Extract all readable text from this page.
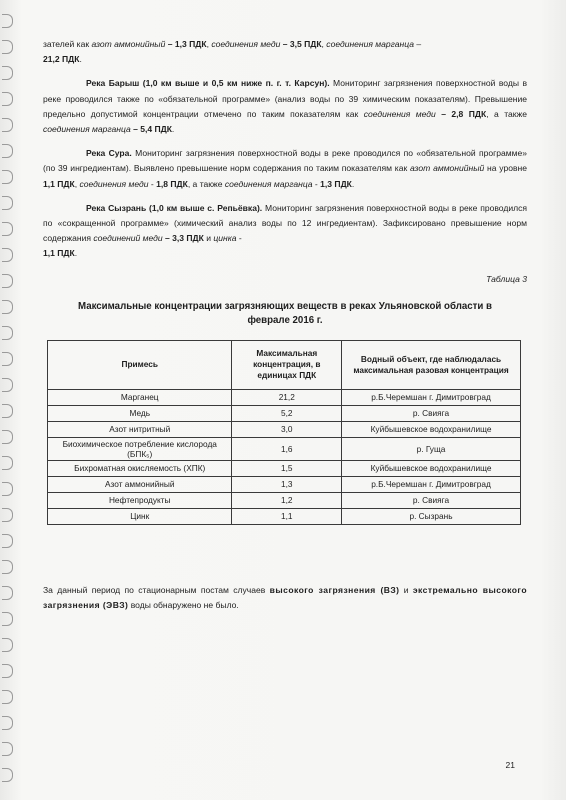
зателей как азот аммонийный – 1,3 ПДК, соединения меди – 3,5 ПДК, соединения марганца –
21,2 ПДК.

Река Барыш (1,0 км выше и 0,5 км ниже п. г. т. Карсун). Мониторинг загрязнения поверхностной воды в реке проводился также по «обязательной программе» (анализ воды по 39 химическим показателям). Превышение предельно допустимой концентрации отмечено по таким показателям как соединения меди – 2,8 ПДК, а также соединения марганца – 5,4 ПДК.

Река Сура. Мониторинг загрязнения поверхностной воды в реке проводился по «обязательной программе» (по 39 ингредиентам). Выявлено превышение норм содержания по таким показателям как азот аммонийный на уровне 1,1 ПДК, соединения меди - 1,8 ПДК, а также соединения марганца - 1,3 ПДК.

Река Сызрань (1,0 км выше с. Репьёвка). Мониторинг загрязнения поверхностной воды в реке проводился по «сокращенной программе» (химический анализ воды по 12 ингредиентам). Зафиксировано превышение норм содержания соединений меди – 3,3 ПДК и цинка -
1,1 ПДК.

Таблица 3
Максимальные концентрации загрязняющих веществ в реках Ульяновской области в феврале 2016 г.
Примесь	Максимальная концентрация, в единицах ПДК	Водный объект, где наблюдалась максимальная разовая концентрация
Марганец	21,2	р.Б.Черемшан г. Димитровград
Медь	5,2	р. Свияга
Азот нитритный	3,0	Куйбышевское водохранилище
Биохимическое потребление кислорода (БПК₅)	1,6	р. Гуща
Бихроматная окисляемость (ХПК)	1,5	Куйбышевское водохранилище
Азот аммонийный	1,3	р.Б.Черемшан г. Димитровград
Нефтепродукты	1,2	р. Свияга
Цинк	1,1	р. Сызрань

За данный период по стационарным постам случаев высокого загрязнения (ВЗ) и экстремально высокого загрязнения (ЭВЗ) воды обнаружено не было.

21
